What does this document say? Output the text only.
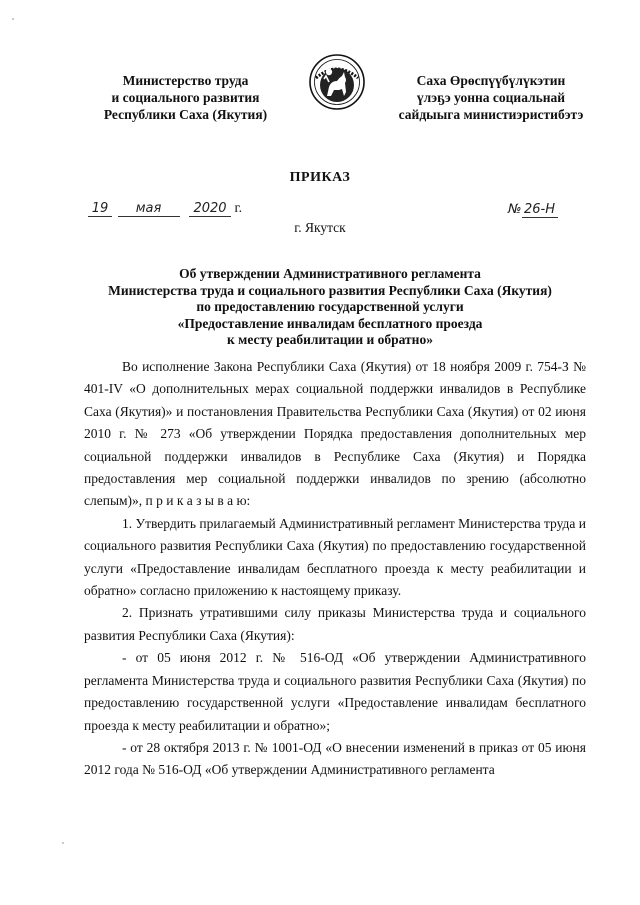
Министерство труда
и социального развития
Республики Саха (Якутия)
Саха Өрөспүүбүлүкэтин
үлэҕэ уонна социальнай
сайдыыга министиэристибэтэ
ПРИКАЗ
19 мая 2020 г.	№ 26-Н
г. Якутск
Об утверждении Административного регламента
Министерства труда и социального развития Республики Саха (Якутия)
по предоставлению государственной услуги
«Предоставление инвалидам бесплатного проезда
к месту реабилитации и обратно»

Во исполнение Закона Республики Саха (Якутия) от 18 ноября 2009 г. 754-З № 401-IV «О дополнительных мерах социальной поддержки инвалидов в Республике Саха (Якутия)» и постановления Правительства Республики Саха (Якутия) от 02 июня 2010 г. № 273 «Об утверждении Порядка предоставления дополнительных мер социальной поддержки инвалидов в Республике Саха (Якутия) и Порядка предоставления мер социальной поддержки инвалидов по зрению (абсолютно слепым)», п р и к а з ы в а ю:

1. Утвердить прилагаемый Административный регламент Министерства труда и социального развития Республики Саха (Якутия) по предоставлению государственной услуги «Предоставление инвалидам бесплатного проезда к месту реабилитации и обратно» согласно приложению к настоящему приказу.

2. Признать утратившими силу приказы Министерства труда и социального развития Республики Саха (Якутия):

- от 05 июня 2012 г. № 516-ОД «Об утверждении Административного регламента Министерства труда и социального развития Республики Саха (Якутия) по предоставлению государственной услуги «Предоставление инвалидам бесплатного проезда к месту реабилитации и обратно»;

- от 28 октября 2013 г. № 1001-ОД «О внесении изменений в приказ от 05 июня 2012 года № 516-ОД «Об утверждении Административного регламента
